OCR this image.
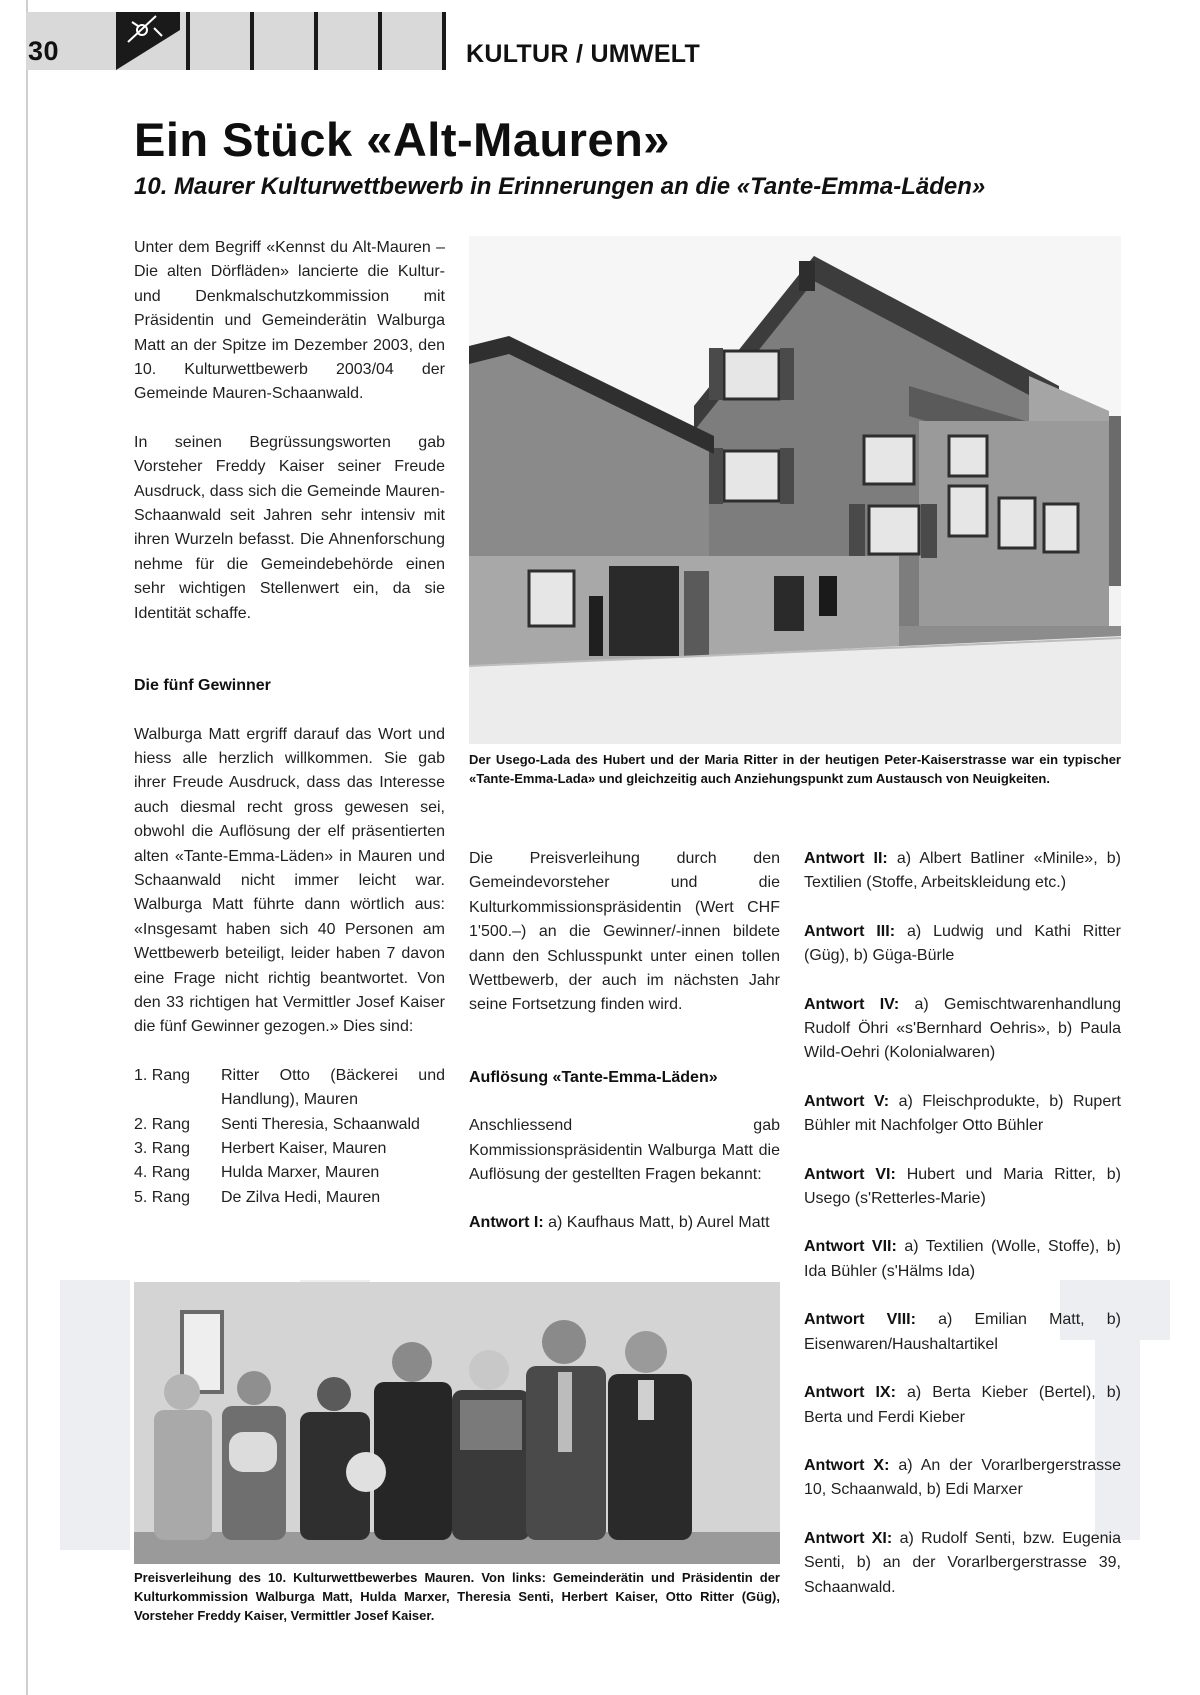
30	KULTUR / UMWELT
Ein Stück «Alt-Mauren»
10. Maurer Kulturwettbewerb in Erinnerungen an die «Tante-Emma-Läden»

Unter dem Begriff «Kennst du Alt-Mauren – Die alten Dörfläden» lancierte die Kultur- und Denkmalschutzkommission mit Präsidentin und Gemeinderätin Walburga Matt an der Spitze im Dezember 2003, den 10. Kulturwettbewerb 2003/04 der Gemeinde Mauren-Schaanwald.

In seinen Begrüssungsworten gab Vorsteher Freddy Kaiser seiner Freude Ausdruck, dass sich die Gemeinde Mauren-Schaanwald seit Jahren sehr intensiv mit ihren Wurzeln befasst. Die Ahnenforschung nehme für die Gemeindebehörde einen sehr wichtigen Stellenwert ein, da sie Identität schaffe.

Die fünf Gewinner

Walburga Matt ergriff darauf das Wort und hiess alle herzlich willkommen. Sie gab ihrer Freude Ausdruck, dass das Interesse auch diesmal recht gross gewesen sei, obwohl die Auflösung der elf präsentierten alten «Tante-Emma-Läden» in Mauren und Schaanwald nicht immer leicht war. Walburga Matt führte dann wörtlich aus: «Insgesamt haben sich 40 Personen am Wettbewerb beteiligt, leider haben 7 davon eine Frage nicht richtig beantwortet. Von den 33 richtigen hat Vermittler Josef Kaiser die fünf Gewinner gezogen.» Dies sind:

1. Rang	Ritter Otto (Bäckerei und Handlung), Mauren
2. Rang	Senti Theresia, Schaanwald
3. Rang	Herbert Kaiser, Mauren
4. Rang	Hulda Marxer, Mauren
5. Rang	De Zilva Hedi, Mauren
Der Usego-Lada des Hubert und der Maria Ritter in der heutigen Peter-Kaiserstrasse war ein typischer «Tante-Emma-Lada» und gleichzeitig auch Anziehungspunkt zum Austausch von Neuigkeiten.

Die Preisverleihung durch den Gemeindevorsteher und die Kulturkommissionspräsidentin (Wert CHF 1'500.–) an die Gewinner/-innen bildete dann den Schlusspunkt unter einen tollen Wettbewerb, der auch im nächsten Jahr seine Fortsetzung finden wird.

Auflösung «Tante-Emma-Läden»

Anschliessend gab Kommissionspräsidentin Walburga Matt die Auflösung der gestellten Fragen bekannt:

Antwort I: a) Kaufhaus Matt, b) Aurel Matt

Antwort II: a) Albert Batliner «Minile», b) Textilien (Stoffe, Arbeitskleidung etc.)

Antwort III: a) Ludwig und Kathi Ritter (Güg), b) Güga-Bürle

Antwort IV: a) Gemischtwarenhandlung Rudolf Öhri «s'Bernhard Oehris», b) Paula Wild-Oehri (Kolonialwaren)

Antwort V: a) Fleischprodukte, b) Rupert Bühler mit Nachfolger Otto Bühler

Antwort VI: Hubert und Maria Ritter, b) Usego (s'Retterles-Marie)

Antwort VII: a) Textilien (Wolle, Stoffe), b) Ida Bühler (s'Hälms Ida)

Antwort VIII: a) Emilian Matt, b) Eisenwaren/Haushaltartikel

Antwort IX: a) Berta Kieber (Bertel), b) Berta und Ferdi Kieber

Antwort X: a) An der Vorarlbergerstrasse 10, Schaanwald, b) Edi Marxer

Antwort XI: a) Rudolf Senti, bzw. Eugenia Senti, b) an der Vorarlbergerstrasse 39, Schaanwald.

Preisverleihung des 10. Kulturwettbewerbes Mauren. Von links: Gemeinderätin und Präsidentin der Kulturkommission Walburga Matt, Hulda Marxer, Theresia Senti, Herbert Kaiser, Otto Ritter (Güg), Vorsteher Freddy Kaiser, Vermittler Josef Kaiser.
